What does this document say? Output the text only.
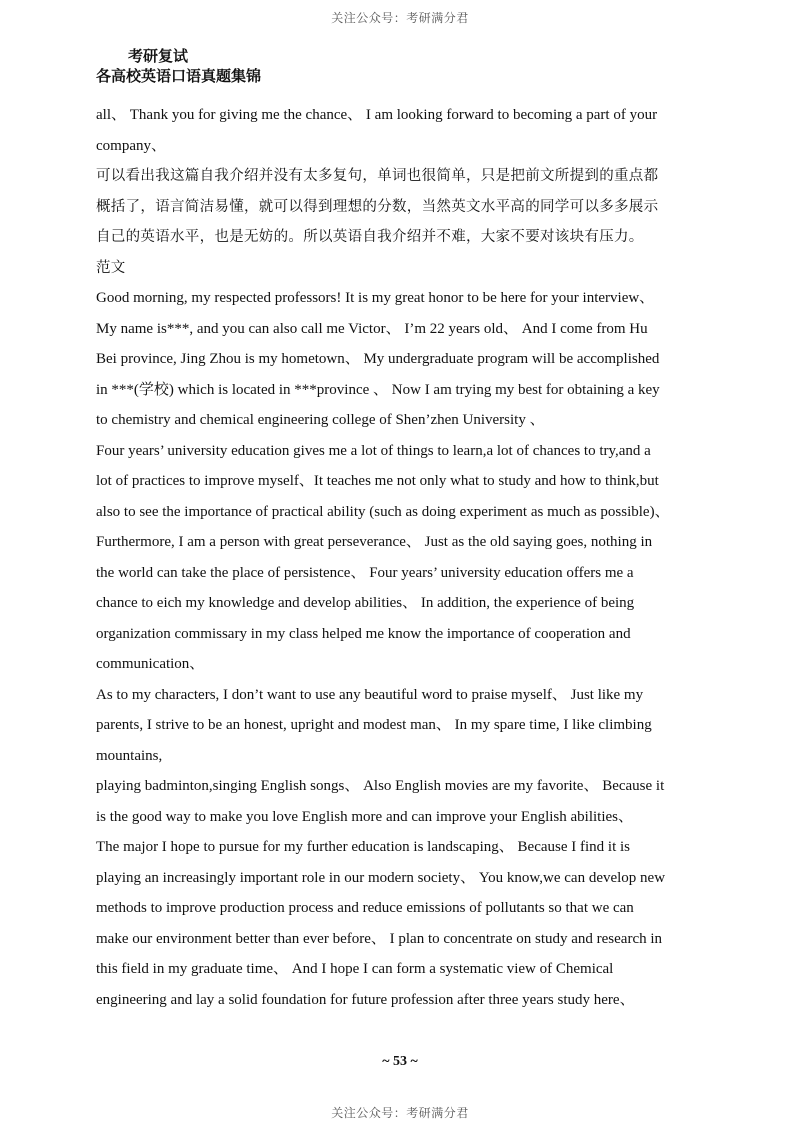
关注公众号：考研满分君
考研复试
各高校英语口语真题集锦
all、 Thank you for giving me the chance、 I am looking forward to becoming a part of your
company、
可以看出我这篇自我介绍并没有太多复句，单词也很简单，只是把前文所提到的重点都
概括了，语言简洁易懂，就可以得到理想的分数，当然英文水平高的同学可以多多展示
自己的英语水平，也是无妨的。所以英语自我介绍并不难，大家不要对该块有压力。
范文
Good morning, my respected professors! It is my great honor to be here for your interview、
My name is***, and you can also call me Victor、 I’m 22 years old、 And I come from Hu
Bei province, Jing Zhou is my hometown、 My undergraduate program will be accomplished
in ***(学校) which is located in ***province 、 Now I am trying my best for obtaining a key
to chemistry and chemical engineering college of Shen’zhen University 、
Four years’ university education gives me a lot of things to learn,a lot of chances to try,and a
lot of practices to improve myself、It teaches me not only what to study and how to think,but
also to see the importance of practical ability (such as doing experiment as much as possible)、
Furthermore, I am a person with great perseverance、 Just as the old saying goes, nothing in
the world can take the place of persistence、 Four years’ university education offers me a
chance to eich my knowledge and develop abilities、 In addition, the experience of being
organization commissary in my class helped me know the importance of cooperation and
communication、
As to my characters, I don’t want to use any beautiful word to praise myself、 Just like my
parents, I strive to be an honest, upright and modest man、 In my spare time, I like climbing
mountains,
playing badminton,singing English songs、 Also English movies are my favorite、 Because it
is the good way to make you love English more and can improve your English abilities、
The major I hope to pursue for my further education is landscaping、 Because I find it is
playing an increasingly important role in our modern society、 You know,we can develop new
methods to improve production process and reduce emissions of pollutants so that we can
make our environment better than ever before、 I plan to concentrate on study and research in
this field in my graduate time、 And I hope I can form a systematic view of Chemical
engineering and lay a solid foundation for future profession after three years study here、
~ 53 ~
关注公众号：考研满分君
